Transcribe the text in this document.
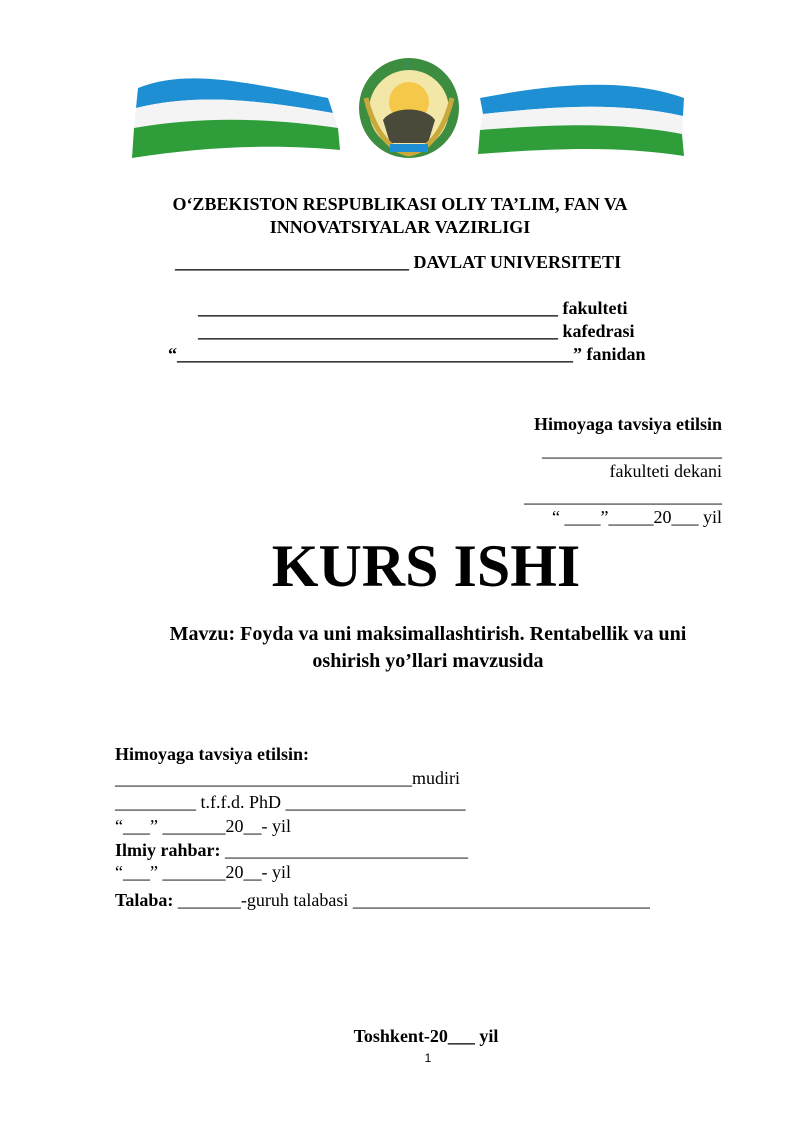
☾
O‘ZBEKISTON RESPUBLIKASI OLIY TA’LIM, FAN VA
INNOVATSIYALAR VAZIRLIGI
__________________________ DAVLAT UNIVERSITETI
________________________________________ fakulteti
________________________________________ kafedrasi
“____________________________________________” fanidan
Himoyaga tavsiya etilsin
____________________
fakulteti dekani
______________________
“ ____”_____20___ yil
KURS ISHI
Mavzu: Foyda va uni maksimallashtirish. Rentabellik va uni
oshirish yo’llari mavzusida
Himoyaga tavsiya etilsin:
_________________________________mudiri
_________ t.f.f.d. PhD ____________________
“___” _______20__- yil
Ilmiy rahbar: ___________________________
“___” _______20__- yil
Talaba: _______-guruh talabasi _________________________________
Toshkent-20___ yil
1
